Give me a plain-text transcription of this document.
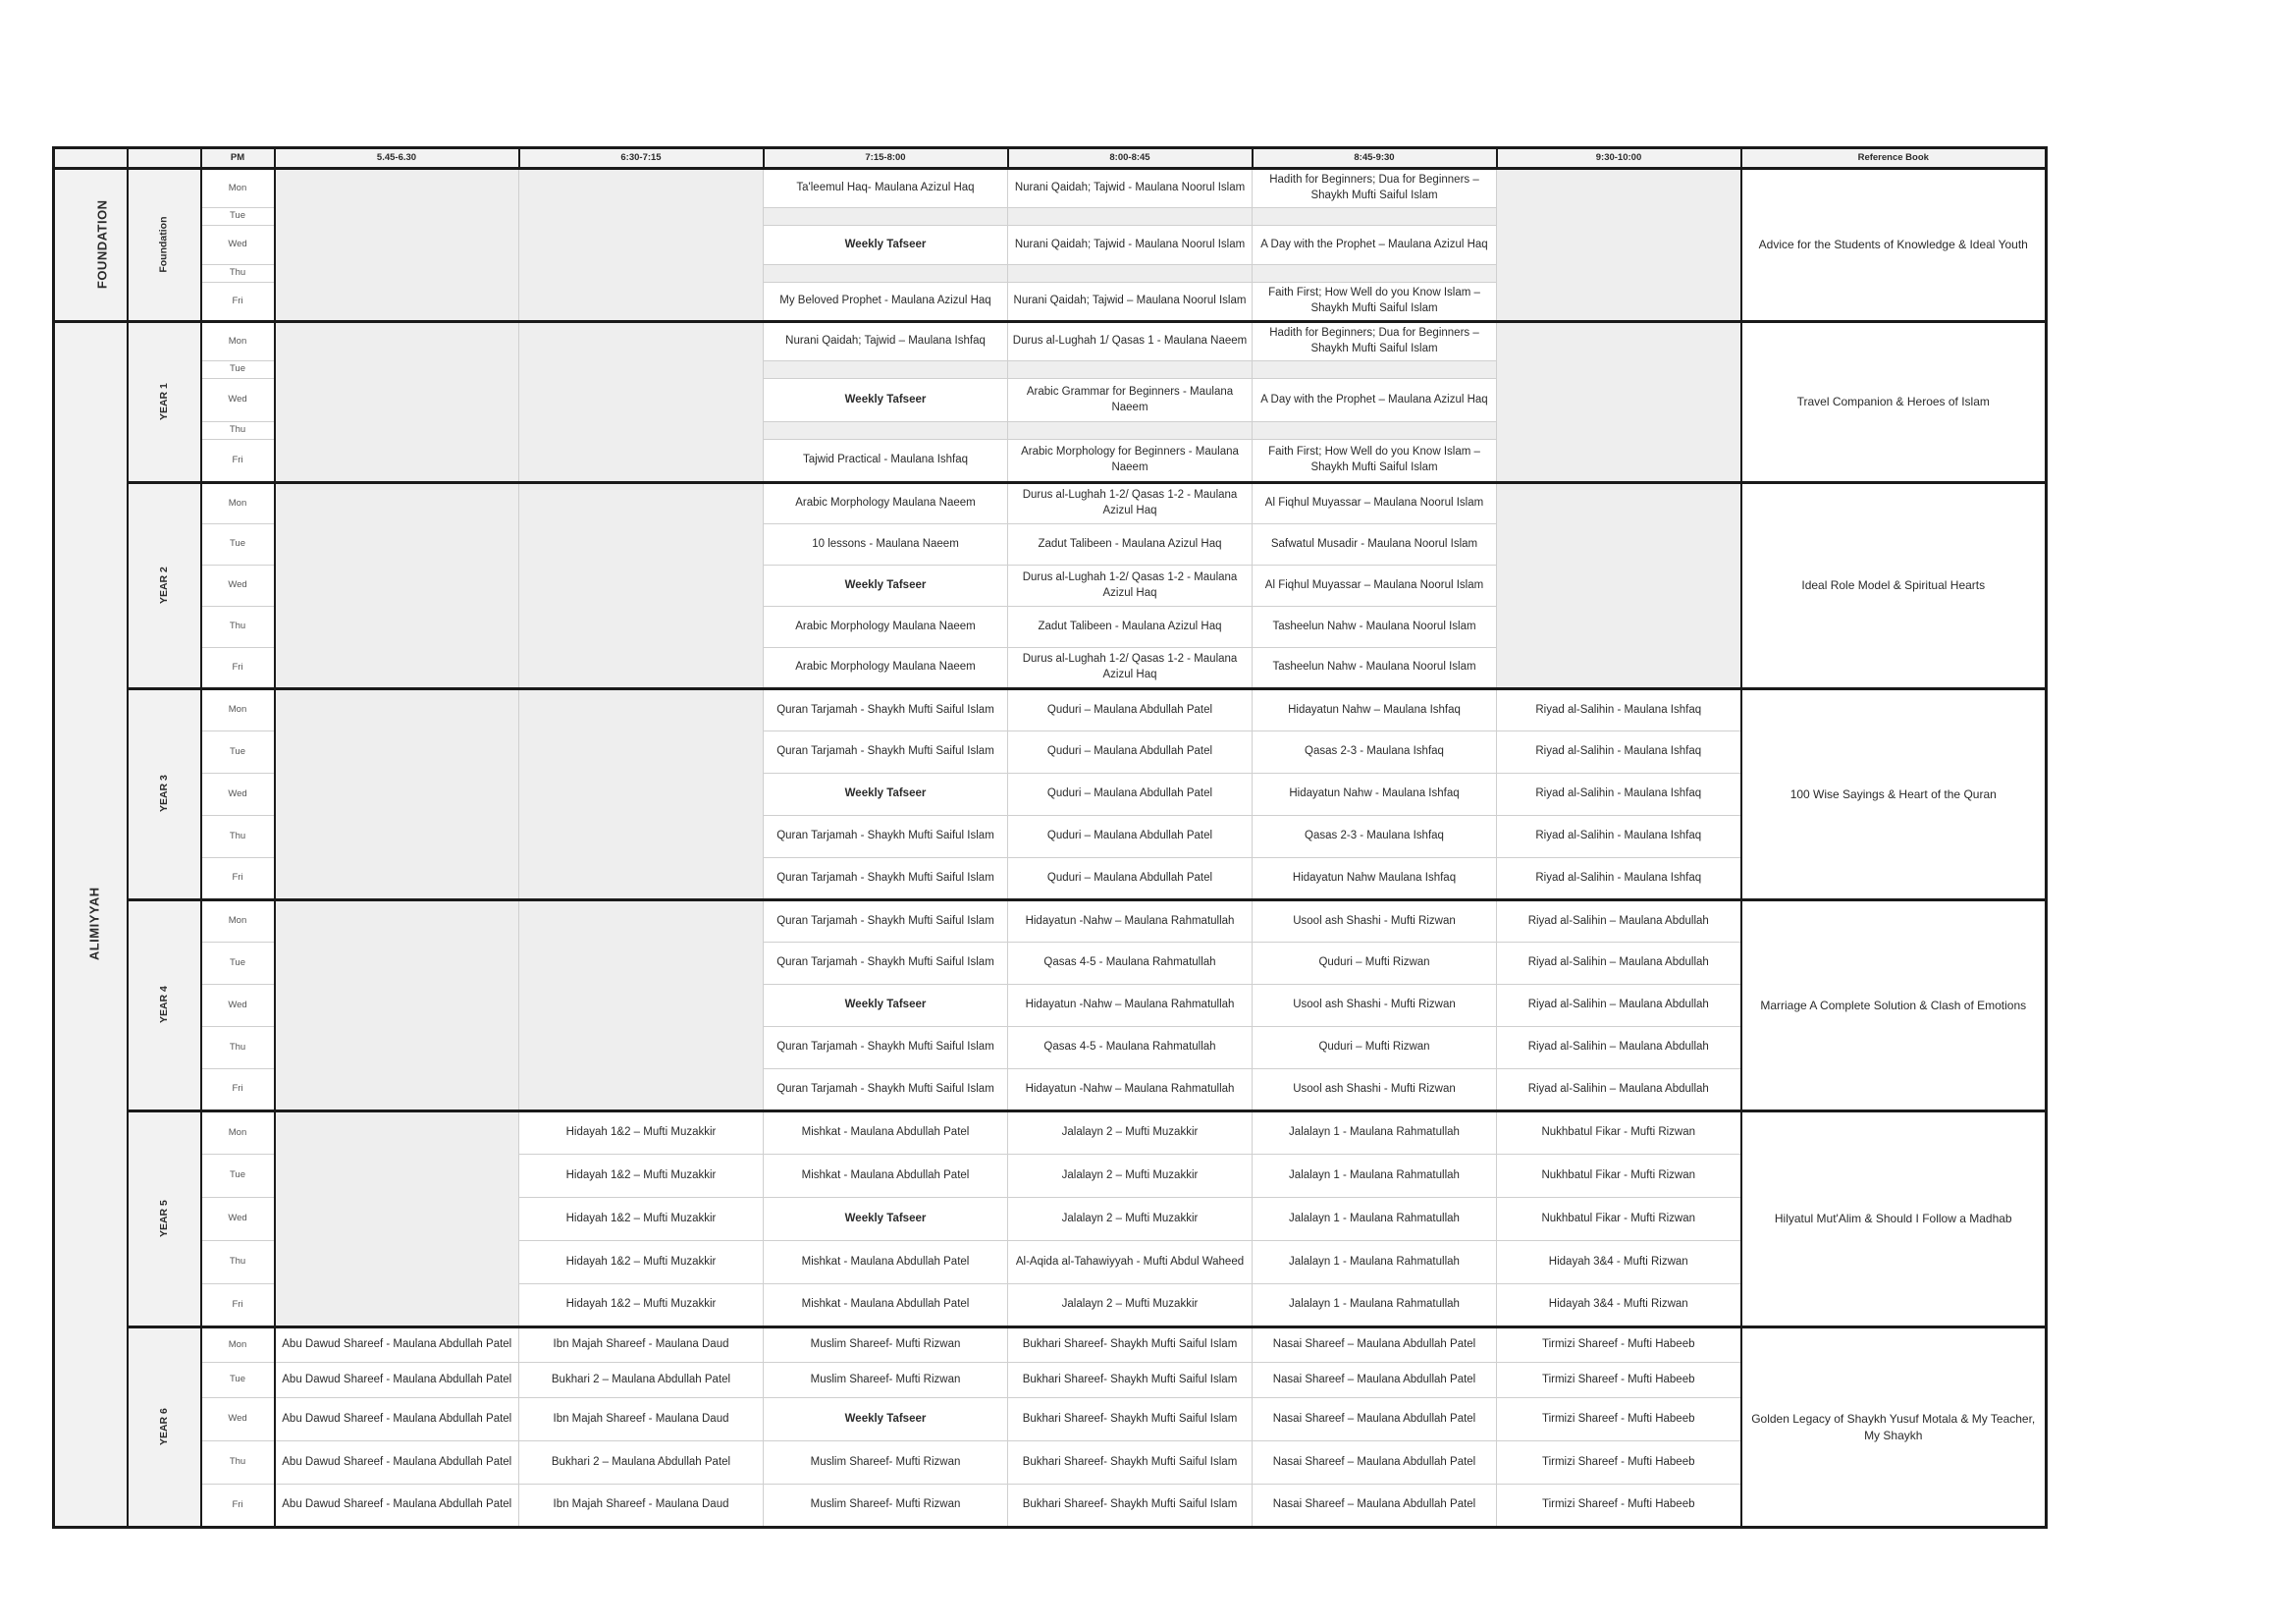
		PM	5.45-6.30	6:30-7:15	7:15-8:00	8:00-8:45	8:45-9:30	9:30-10:00	Reference Book
FOUNDATION	Foundation	Mon			Ta'leemul Haq- Maulana Azizul Haq	Nurani Qaidah; Tajwid - Maulana Noorul Islam	Hadith for Beginners; Dua for Beginners – Shaykh Mufti Saiful Islam		Advice for the Students of Knowledge & Ideal Youth
		Tue							
		Wed			Weekly Tafseer	Nurani Qaidah; Tajwid - Maulana Noorul Islam	A Day with the Prophet – Maulana Azizul Haq		
		Thu							
		Fri			My Beloved Prophet - Maulana Azizul Haq	Nurani Qaidah; Tajwid – Maulana Noorul Islam	Faith First; How Well do you Know Islam – Shaykh Mufti Saiful Islam		
ALIMIYYAH	YEAR 1	Mon			Nurani Qaidah; Tajwid – Maulana Ishfaq	Durus al-Lughah 1/ Qasas 1 - Maulana Naeem	Hadith for Beginners; Dua for Beginners – Shaykh Mufti Saiful Islam		Travel Companion & Heroes of Islam
		Tue							
		Wed			Weekly Tafseer	Arabic Grammar for Beginners - Maulana Naeem	A Day with the Prophet – Maulana Azizul Haq		
		Thu							
		Fri			Tajwid Practical - Maulana Ishfaq	Arabic Morphology for Beginners - Maulana Naeem	Faith First; How Well do you Know Islam – Shaykh Mufti Saiful Islam		
	YEAR 2	Mon			Arabic Morphology Maulana Naeem	Durus al-Lughah 1-2/ Qasas 1-2 - Maulana Azizul Haq	Al Fiqhul Muyassar – Maulana Noorul Islam		Ideal Role Model & Spiritual Hearts
		Tue			10 lessons - Maulana Naeem	Zadut Talibeen - Maulana Azizul Haq	Safwatul Musadir - Maulana Noorul Islam		
		Wed			Weekly Tafseer	Durus al-Lughah 1-2/ Qasas 1-2 - Maulana Azizul Haq	Al Fiqhul Muyassar – Maulana Noorul Islam		
		Thu			Arabic Morphology Maulana Naeem	Zadut Talibeen - Maulana Azizul Haq	Tasheelun Nahw - Maulana Noorul Islam		
		Fri			Arabic Morphology Maulana Naeem	Durus al-Lughah 1-2/ Qasas 1-2 - Maulana Azizul Haq	Tasheelun Nahw - Maulana Noorul Islam		
	YEAR 3	Mon			Quran Tarjamah - Shaykh Mufti Saiful Islam	Quduri – Maulana Abdullah Patel	Hidayatun Nahw – Maulana Ishfaq	Riyad al-Salihin - Maulana Ishfaq	100 Wise Sayings & Heart of the Quran
		Tue			Quran Tarjamah - Shaykh Mufti Saiful Islam	Quduri – Maulana Abdullah Patel	Qasas 2-3 - Maulana Ishfaq	Riyad al-Salihin - Maulana Ishfaq	
		Wed			Weekly Tafseer	Quduri – Maulana Abdullah Patel	Hidayatun Nahw - Maulana Ishfaq	Riyad al-Salihin - Maulana Ishfaq	
		Thu			Quran Tarjamah - Shaykh Mufti Saiful Islam	Quduri – Maulana Abdullah Patel	Qasas 2-3 - Maulana Ishfaq	Riyad al-Salihin - Maulana Ishfaq	
		Fri			Quran Tarjamah - Shaykh Mufti Saiful Islam	Quduri – Maulana Abdullah Patel	Hidayatun Nahw Maulana Ishfaq	Riyad al-Salihin - Maulana Ishfaq	
	YEAR 4	Mon			Quran Tarjamah - Shaykh Mufti Saiful Islam	Hidayatun -Nahw – Maulana Rahmatullah	Usool ash Shashi - Mufti Rizwan	Riyad al-Salihin – Maulana Abdullah	Marriage A Complete Solution & Clash of Emotions
		Tue			Quran Tarjamah - Shaykh Mufti Saiful Islam	Qasas 4-5 - Maulana Rahmatullah	Quduri – Mufti Rizwan	Riyad al-Salihin – Maulana Abdullah	
		Wed			Weekly Tafseer	Hidayatun -Nahw – Maulana Rahmatullah	Usool ash Shashi - Mufti Rizwan	Riyad al-Salihin – Maulana Abdullah	
		Thu			Quran Tarjamah - Shaykh Mufti Saiful Islam	Qasas 4-5 - Maulana Rahmatullah	Quduri – Mufti Rizwan	Riyad al-Salihin – Maulana Abdullah	
		Fri			Quran Tarjamah - Shaykh Mufti Saiful Islam	Hidayatun -Nahw – Maulana Rahmatullah	Usool ash Shashi - Mufti Rizwan	Riyad al-Salihin – Maulana Abdullah	
	YEAR 5	Mon		Hidayah 1&2 – Mufti Muzakkir	Mishkat - Maulana Abdullah Patel	Jalalayn 2 – Mufti Muzakkir	Jalalayn 1 - Maulana Rahmatullah	Nukhbatul Fikar - Mufti Rizwan	Hilyatul Mut'Alim & Should I Follow a Madhab
		Tue		Hidayah 1&2 – Mufti Muzakkir	Mishkat - Maulana Abdullah Patel	Jalalayn 2 – Mufti Muzakkir	Jalalayn 1 - Maulana Rahmatullah	Nukhbatul Fikar - Mufti Rizwan	
		Wed		Hidayah 1&2 – Mufti Muzakkir	Weekly Tafseer	Jalalayn 2 – Mufti Muzakkir	Jalalayn 1 - Maulana Rahmatullah	Nukhbatul Fikar - Mufti Rizwan	
		Thu		Hidayah 1&2 – Mufti Muzakkir	Mishkat - Maulana Abdullah Patel	Al-Aqida al-Tahawiyyah - Mufti Abdul Waheed	Jalalayn 1 - Maulana Rahmatullah	Hidayah 3&4 - Mufti Rizwan	
		Fri		Hidayah 1&2 – Mufti Muzakkir	Mishkat - Maulana Abdullah Patel	Jalalayn 2 – Mufti Muzakkir	Jalalayn 1 - Maulana Rahmatullah	Hidayah 3&4 - Mufti Rizwan	
	YEAR 6	Mon	Abu Dawud Shareef - Maulana Abdullah Patel	Ibn Majah Shareef - Maulana Daud	Muslim Shareef- Mufti Rizwan	Bukhari Shareef- Shaykh Mufti Saiful Islam	Nasai Shareef – Maulana Abdullah Patel	Tirmizi Shareef - Mufti Habeeb	Golden Legacy of Shaykh Yusuf Motala & My Teacher, My Shaykh
		Tue	Abu Dawud Shareef - Maulana Abdullah Patel	Bukhari 2 – Maulana Abdullah Patel	Muslim Shareef- Mufti Rizwan	Bukhari Shareef- Shaykh Mufti Saiful Islam	Nasai Shareef – Maulana Abdullah Patel	Tirmizi Shareef - Mufti Habeeb	
		Wed	Abu Dawud Shareef - Maulana Abdullah Patel	Ibn Majah Shareef - Maulana Daud	Weekly Tafseer	Bukhari Shareef- Shaykh Mufti Saiful Islam	Nasai Shareef – Maulana Abdullah Patel	Tirmizi Shareef - Mufti Habeeb	
		Thu	Abu Dawud Shareef - Maulana Abdullah Patel	Bukhari 2 – Maulana Abdullah Patel	Muslim Shareef- Mufti Rizwan	Bukhari Shareef- Shaykh Mufti Saiful Islam	Nasai Shareef – Maulana Abdullah Patel	Tirmizi Shareef - Mufti Habeeb	
		Fri	Abu Dawud Shareef - Maulana Abdullah Patel	Ibn Majah Shareef - Maulana Daud	Muslim Shareef- Mufti Rizwan	Bukhari Shareef- Shaykh Mufti Saiful Islam	Nasai Shareef – Maulana Abdullah Patel	Tirmizi Shareef - Mufti Habeeb	
